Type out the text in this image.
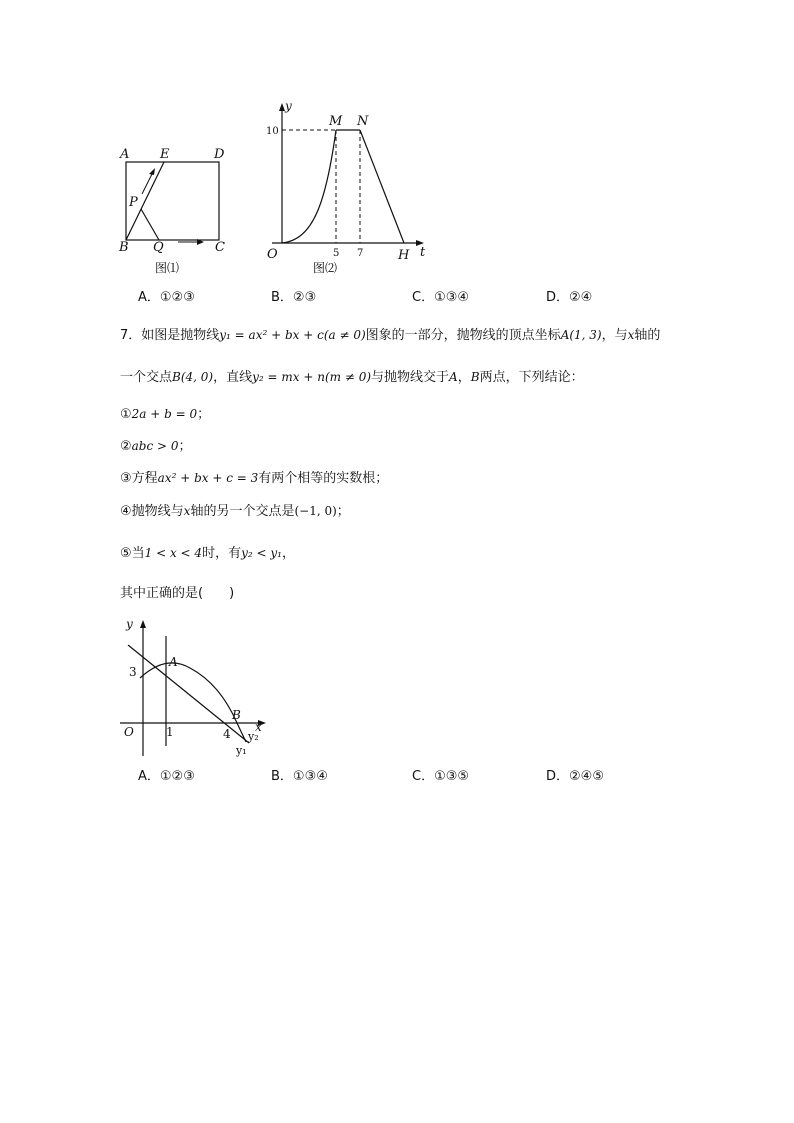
A E	D
P
B Q	C
图⑴
y
M N
10
O	5 7	H t
图⑵
A．①②③	B．②③	C．①③④	D．②④
7．如图是抛物线y₁ = ax² + bx + c(a ≠ 0)图象的一部分，抛物线的顶点坐标A(1, 3)，与x轴的
一个交点B(4, 0)，直线y₂ = mx + n(m ≠ 0)与抛物线交于A，B两点，下列结论：
①2a + b = 0；
②abc > 0；
③方程ax² + bx + c = 3有两个相等的实数根；
④抛物线与x轴的另一个交点是(−1, 0)；
⑤当1 < x < 4时，有y₂ < y₁，
其中正确的是(　　)
y
3
A
O	1	4
B
x
y₂
y₁
A．①②③	B．①③④	C．①③⑤	D．②④⑤
